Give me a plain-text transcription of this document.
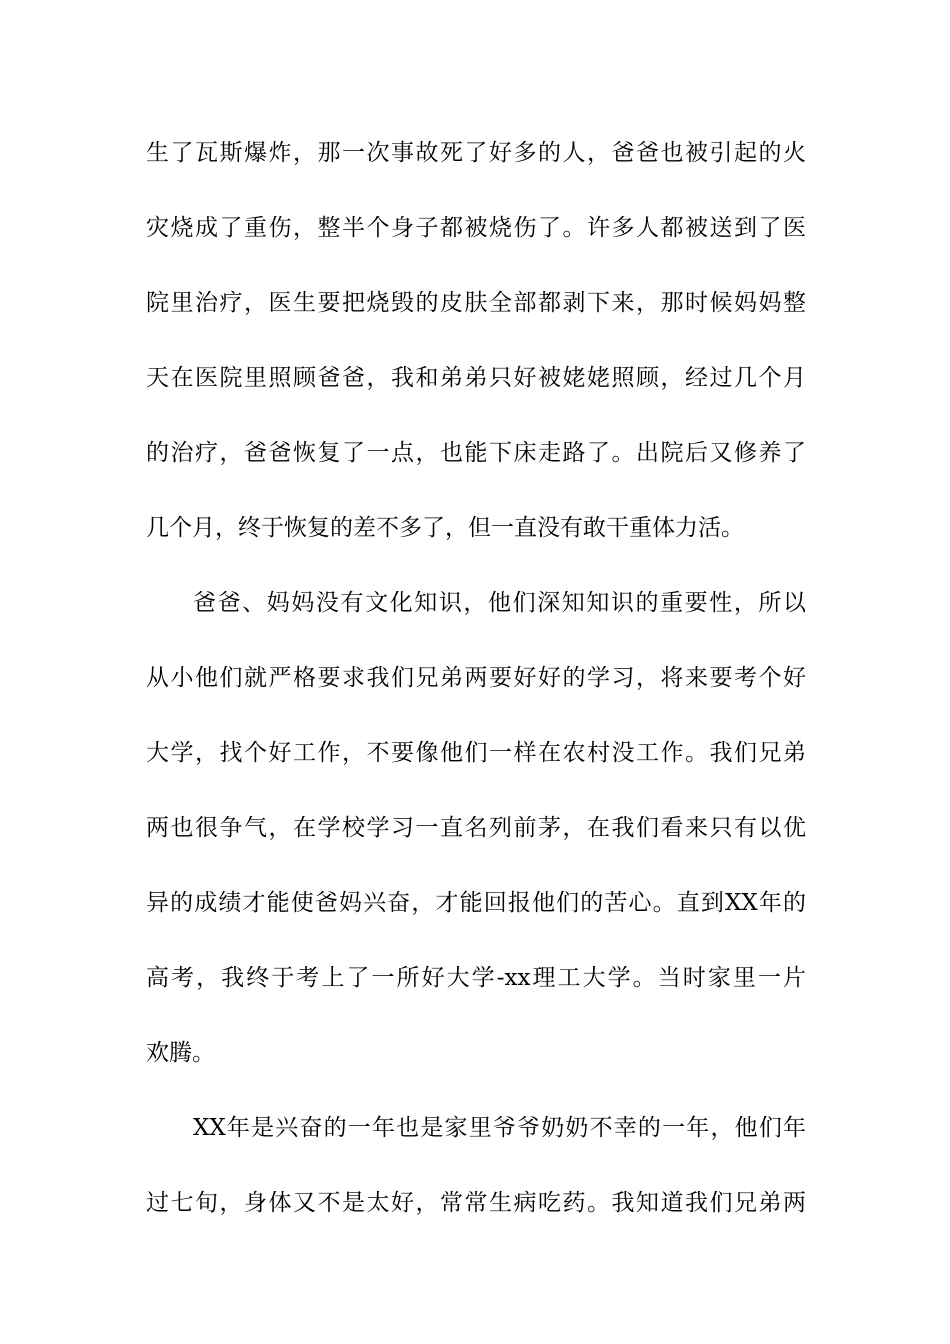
生了瓦斯爆炸，那一次事故死了好多的人，爸爸也被引起的火
灾烧成了重伤，整半个身子都被烧伤了。许多人都被送到了医
院里治疗，医生要把烧毁的皮肤全部都剥下来，那时候妈妈整
天在医院里照顾爸爸，我和弟弟只好被姥姥照顾，经过几个月
的治疗，爸爸恢复了一点，也能下床走路了。出院后又修养了
几个月，终于恢复的差不多了，但一直没有敢干重体力活。
爸爸、妈妈没有文化知识，他们深知知识的重要性，所以
从小他们就严格要求我们兄弟两要好好的学习，将来要考个好
大学，找个好工作，不要像他们一样在农村没工作。我们兄弟
两也很争气，在学校学习一直名列前茅，在我们看来只有以优
异的成绩才能使爸妈兴奋，才能回报他们的苦心。直到XX年的
高考，我终于考上了一所好大学-xx理工大学。当时家里一片
欢腾。
XX年是兴奋的一年也是家里爷爷奶奶不幸的一年，他们年
过七旬，身体又不是太好，常常生病吃药。我知道我们兄弟两
